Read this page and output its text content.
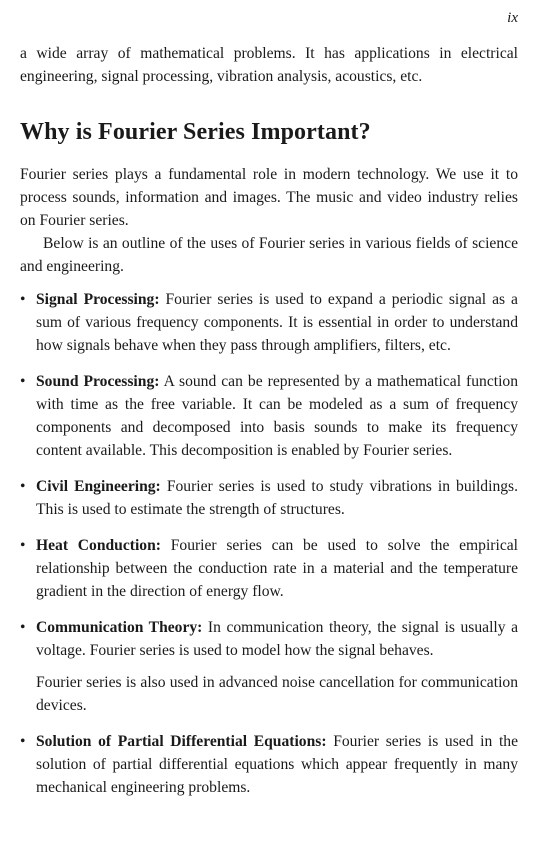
ix

a wide array of mathematical problems. It has applications in electrical engineering, signal processing, vibration analysis, acoustics, etc.

Why is Fourier Series Important?

Fourier series plays a fundamental role in modern technology. We use it to process sounds, information and images. The music and video industry relies on Fourier series.

Below is an outline of the uses of Fourier series in various fields of science and engineering.

• Signal Processing: Fourier series is used to expand a periodic signal as a sum of various frequency components. It is essential in order to understand how signals behave when they pass through amplifiers, filters, etc.

• Sound Processing: A sound can be represented by a mathematical function with time as the free variable. It can be modeled as a sum of frequency components and decomposed into basis sounds to make its frequency content available. This decomposition is enabled by Fourier series.

• Civil Engineering: Fourier series is used to study vibrations in buildings. This is used to estimate the strength of structures.

• Heat Conduction: Fourier series can be used to solve the empirical relationship between the conduction rate in a material and the temperature gradient in the direction of energy flow.

• Communication Theory: In communication theory, the signal is usually a voltage. Fourier series is used to model how the signal behaves.

Fourier series is also used in advanced noise cancellation for communication devices.

• Solution of Partial Differential Equations: Fourier series is used in the solution of partial differential equations which appear frequently in many mechanical engineering problems.
